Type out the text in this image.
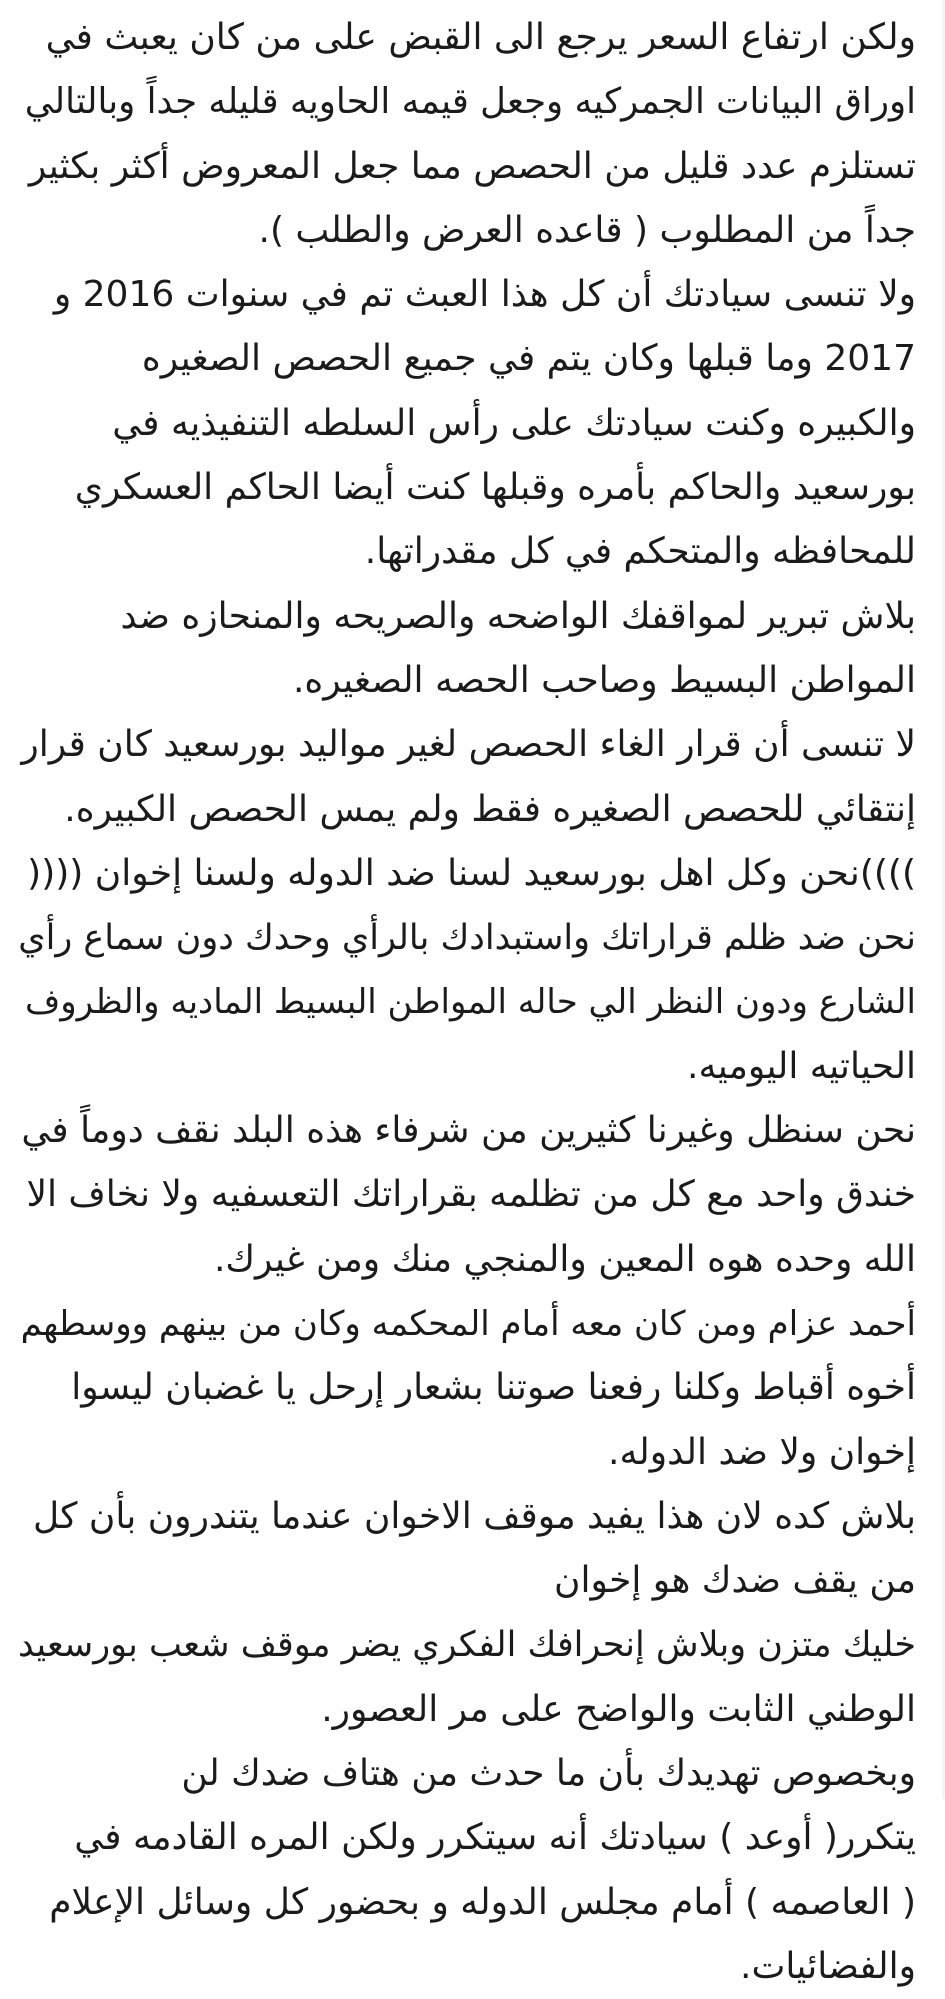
ولكن ارتفاع السعر يرجع الى القبض على من كان يعبث في
اوراق البيانات الجمركيه وجعل قيمه الحاويه قليله جداً وبالتالي
تستلزم عدد قليل من الحصص مما جعل المعروض أكثر بكثير
جداً من المطلوب ( قاعده العرض والطلب ).
ولا تنسى سيادتك أن كل هذا العبث تم في سنوات 2016 و
2017 وما قبلها وكان يتم في جميع الحصص الصغيره
والكبيره وكنت سيادتك على رأس السلطه التنفيذيه في
بورسعيد والحاكم بأمره وقبلها كنت أيضا الحاكم العسكري
للمحافظه والمتحكم في كل مقدراتها.
بلاش تبرير لمواقفك الواضحه والصريحه والمنحازه ضد
المواطن البسيط وصاحب الحصه الصغيره.
لا تنسى أن قرار الغاء الحصص لغير مواليد بورسعيد كان قرار
إنتقائي للحصص الصغيره فقط ولم يمس الحصص الكبيره.
))))نحن وكل اهل بورسعيد لسنا ضد الدوله ولسنا إخوان ((((
نحن ضد ظلم قراراتك واستبدادك بالرأي وحدك دون سماع رأي
الشارع ودون النظر الي حاله المواطن البسيط الماديه والظروف
الحياتيه اليوميه.
نحن سنظل وغيرنا كثيرين من شرفاء هذه البلد نقف دوماً في
خندق واحد مع كل من تظلمه بقراراتك التعسفيه ولا نخاف الا
الله وحده هوه المعين والمنجي منك ومن غيرك.
أحمد عزام ومن كان معه أمام المحكمه وكان من بينهم ووسطهم
أخوه أقباط وكلنا رفعنا صوتنا بشعار إرحل يا غضبان ليسوا
إخوان ولا ضد الدوله.
بلاش كده لان هذا يفيد موقف الاخوان عندما يتندرون بأن كل
من يقف ضدك هو إخوان
خليك متزن وبلاش إنحرافك الفكري يضر موقف شعب بورسعيد
الوطني الثابت والواضح على مر العصور.
وبخصوص تهديدك بأن ما حدث من هتاف ضدك لن
يتكرر( أوعد ) سيادتك أنه سيتكرر ولكن المره القادمه في
( العاصمه ) أمام مجلس الدوله و بحضور كل وسائل الإعلام
والفضائيات.
